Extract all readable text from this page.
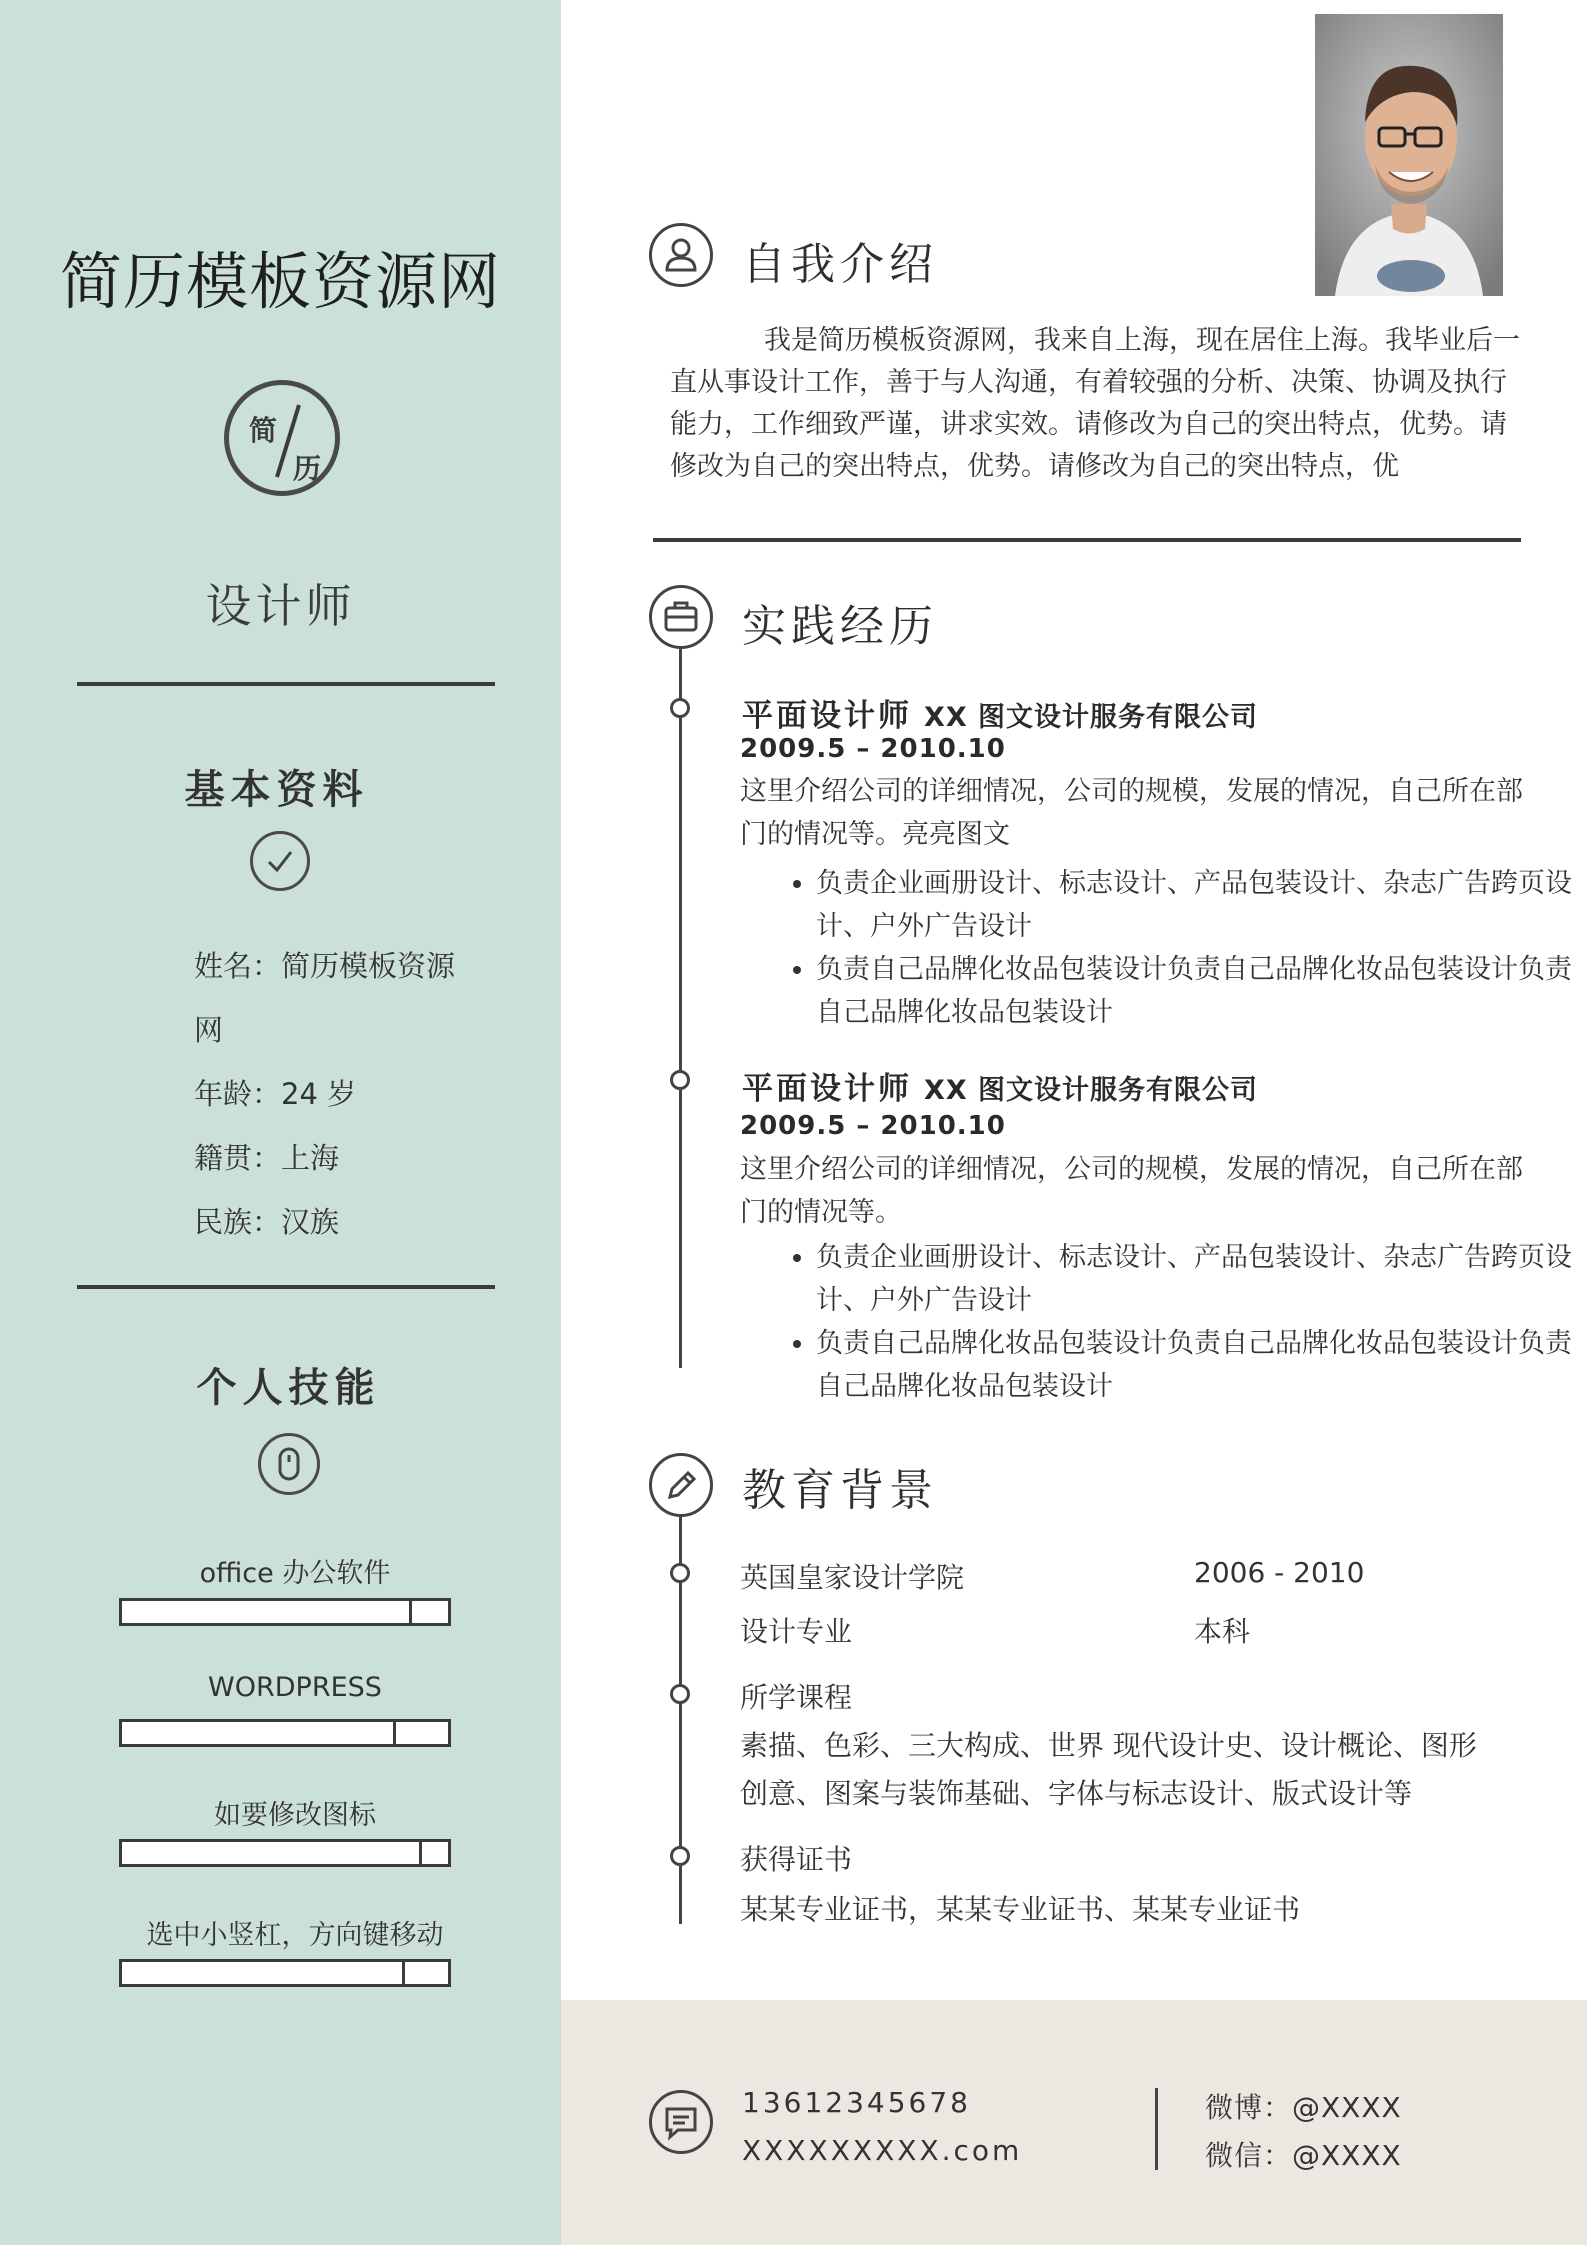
简历模板资源网
简
历
设计师
基本资料
姓名：简历模板资源
网
年龄：24 岁
籍贯：上海
民族：汉族
个人技能
office 办公软件
WORDPRESS
如要修改图标
选中小竖杠，方向键移动
自我介绍
我是简历模板资源网，我来自上海，现在居住上海。我毕业后一直从事设计工作，善于与人沟通，有着较强的分析、决策、协调及执行能力，工作细致严谨，讲求实效。请修改为自己的突出特点，优势。请修改为自己的突出特点，优势。请修改为自己的突出特点，优
实践经历
平面设计师 XX 图文设计服务有限公司
2009.5 – 2010.10
这里介绍公司的详细情况，公司的规模，发展的情况，自己所在部门的情况等。亮亮图文
• 负责企业画册设计、标志设计、产品包装设计、杂志广告跨页设计、户外广告设计
• 负责自己品牌化妆品包装设计负责自己品牌化妆品包装设计负责自己品牌化妆品包装设计
平面设计师 XX 图文设计服务有限公司
2009.5 – 2010.10
这里介绍公司的详细情况，公司的规模，发展的情况，自己所在部门的情况等。
• 负责企业画册设计、标志设计、产品包装设计、杂志广告跨页设计、户外广告设计
• 负责自己品牌化妆品包装设计负责自己品牌化妆品包装设计负责自己品牌化妆品包装设计
教育背景
英国皇家设计学院	2006 - 2010
设计专业	本科
所学课程
素描、色彩、三大构成、世界 现代设计史、设计概论、图形创意、图案与装饰基础、字体与标志设计、版式设计等
获得证书
某某专业证书，某某专业证书、某某专业证书
13612345678
XXXXXXXXX.com
微博：@XXXX
微信：@XXXX
